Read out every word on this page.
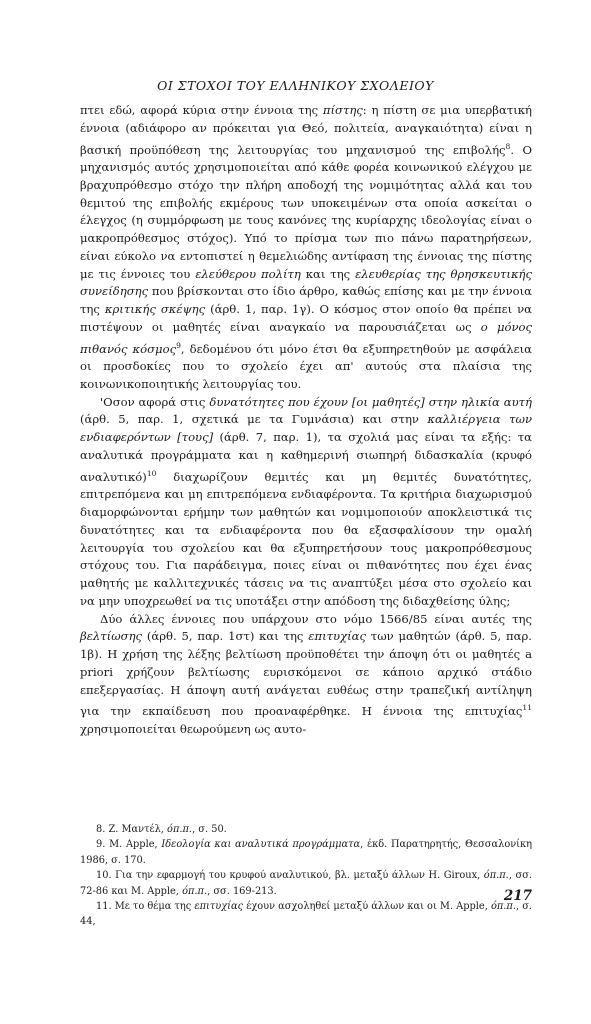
ΟΙ ΣΤΟΧΟΙ ΤΟΥ ΕΛΛΗΝΙΚΟΥ ΣΧΟΛΕΙΟΥ

πτει εδώ, αφορά κύρια στην έννοια της πίστης: η πίστη σε μια υπερβατική έννοια (αδιάφορο αν πρόκειται για Θεό, πολιτεία, αναγκαιότητα) είναι η βασική προϋπόθεση της λειτουργίας του μηχανισμού της επιβολής$^8$. Ο μηχανισμός αυτός χρησιμοποιείται από κάθε φορέα κοινωνικού ελέγχου με βραχυπρόθεσμο στόχο την πλήρη αποδοχή της νομιμότητας αλλά και του θεμιτού της επιβολής εκμέρους των υποκειμένων στα οποία ασκείται ο έλεγχος (η συμμόρφωση με τους κανόνες της κυρίαρχης ιδεολογίας είναι ο μακροπρόθεσμος στόχος). Υπό το πρίσμα των πιο πάνω παρατηρήσεων, είναι εύκολο να εντοπιστεί η θεμελιώδης αντίφαση της έννοιας της πίστης με τις έννοιες του ελεύθερου πολίτη και της ελευθερίας της θρησκευτικής συνείδησης που βρίσκονται στο ίδιο άρθρο, καθώς επίσης και με την έννοια της κριτικής σκέψης (άρθ. 1, παρ. 1γ). Ο κόσμος στον οποίο θα πρέπει να πιστέψουν οι μαθητές είναι αναγκαίο να παρουσιάζεται ως ο μόνος πιθανός κόσμος$^9$, δεδομένου ότι μόνο έτσι θα εξυπηρετηθούν με ασφάλεια οι προσδοκίες που το σχολείο έχει απ' αυτούς στα πλαίσια της κοινωνικοποιητικής λειτουργίας του.

'Οσον αφορά στις δυνατότητες που έχουν [οι μαθητές] στην ηλικία αυτή (άρθ. 5, παρ. 1, σχετικά με τα Γυμνάσια) και στην καλλιέργεια των ενδιαφερόντων [τους] (άρθ. 7, παρ. 1), τα σχολιά μας είναι τα εξής: τα αναλυτικά προγράμματα και η καθημερινή σιωπηρή διδασκαλία (κρυφό αναλυτικό)$^{10}$ διαχωρίζουν θεμιτές και μη θεμιτές δυνατότητες, επιτρεπόμενα και μη επιτρεπόμενα ενδιαφέροντα. Τα κριτήρια διαχωρισμού διαμορφώνονται ερήμην των μαθητών και νομιμοποιούν αποκλειστικά τις δυνατότητες και τα ενδιαφέροντα που θα εξασφαλίσουν την ομαλή λειτουργία του σχολείου και θα εξυπηρετήσουν τους μακροπρόθεσμους στόχους του. Για παράδειγμα, ποιες είναι οι πιθανότητες που έχει ένας μαθητής με καλλιτεχνικές τάσεις να τις αναπτύξει μέσα στο σχολείο και να μην υποχρεωθεί να τις υποτάξει στην απόδοση της διδαχθείσης ύλης;

Δύο άλλες έννοιες που υπάρχουν στο νόμο 1566/85 είναι αυτές της βελτίωσης (άρθ. 5, παρ. 1στ) και της επιτυχίας των μαθητών (άρθ. 5, παρ. 1β). Η χρήση της λέξης βελτίωση προϋποθέτει την άποψη ότι οι μαθητές a priori χρήζουν βελτίωσης ευρισκόμενοι σε κάποιο αρχικό στάδιο επεξεργασίας. Η άποψη αυτή ανάγεται ευθέως στην τραπεζική αντίληψη για την εκπαίδευση που προαναφέρθηκε. Η έννοια της επιτυχίας$^{11}$ χρησιμοποιείται θεωρούμενη ως αυτο-

8. Ζ. Μαντέλ, όπ.π., σ. 50.

9. M. Apple, Ιδεολογία και αναλυτικά προγράμματα, έκδ. Παρατηρητής, Θεσσαλονίκη 1986, σ. 170.

10. Για την εφαρμογή του κρυφού αναλυτικού, βλ. μεταξύ άλλων H. Giroux, όπ.π., σσ. 72-86 και M. Apple, όπ.π., σσ. 169-213.

11. Με το θέμα της επιτυχίας έχουν ασχοληθεί μεταξύ άλλων και οι M. Apple, όπ.π., σ. 44,

217
